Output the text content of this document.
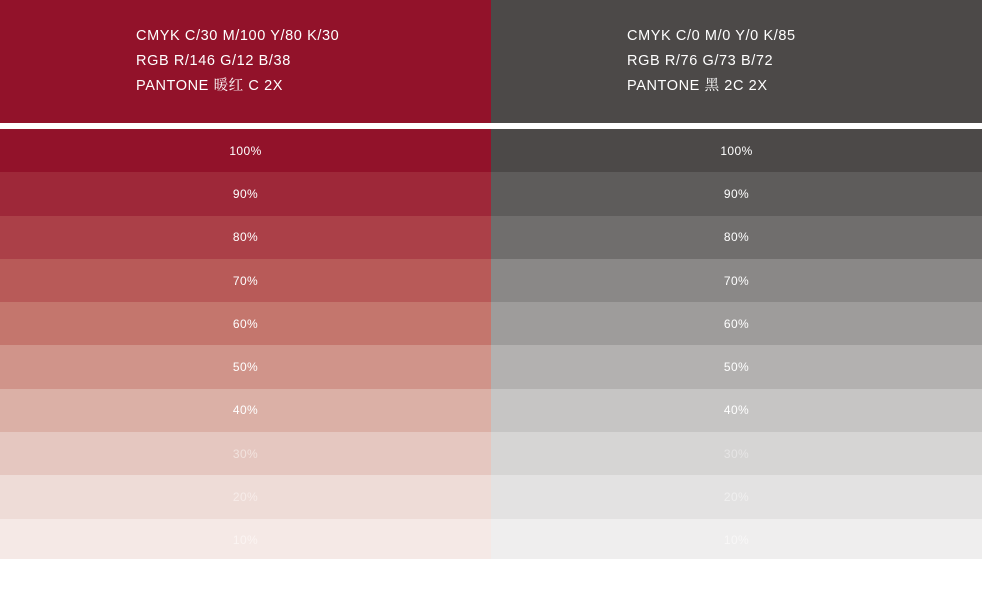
CMYK C/30 M/100 Y/80 K/30
RGB R/146 G/12 B/38
PANTONE 暖红 C 2X
100%
90%
80%
70%
60%
50%
40%
30%
20%
10%
CMYK C/0 M/0 Y/0 K/85
RGB R/76 G/73 B/72
PANTONE 黑 2C 2X
100%
90%
80%
70%
60%
50%
40%
30%
20%
10%
